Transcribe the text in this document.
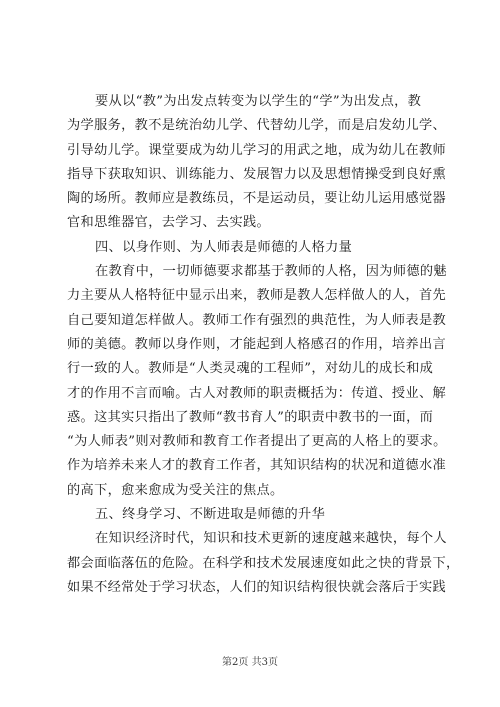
要从以“教”为出发点转变为以学生的“学”为出发点，教
为学服务，教不是统治幼儿学、代替幼儿学，而是启发幼儿学、
引导幼儿学。课堂要成为幼儿学习的用武之地，成为幼儿在教师
指导下获取知识、训练能力、发展智力以及思想情操受到良好熏
陶的场所。教师应是教练员，不是运动员，要让幼儿运用感觉器
官和思维器官，去学习、去实践。
四、以身作则、为人师表是师德的人格力量
在教育中，一切师德要求都基于教师的人格，因为师德的魅
力主要从人格特征中显示出来，教师是教人怎样做人的人，首先
自己要知道怎样做人。教师工作有强烈的典范性，为人师表是教
师的美德。教师以身作则，才能起到人格感召的作用，培养出言
行一致的人。教师是“人类灵魂的工程师”，对幼儿的成长和成
才的作用不言而喻。古人对教师的职责概括为：传道、授业、解
惑。这其实只指出了教师“教书育人”的职责中教书的一面，而
“为人师表”则对教师和教育工作者提出了更高的人格上的要求。
作为培养未来人才的教育工作者，其知识结构的状况和道德水准
的高下，愈来愈成为受关注的焦点。
五、终身学习、不断进取是师德的升华
在知识经济时代，知识和技术更新的速度越来越快，每个人
都会面临落伍的危险。在科学和技术发展速度如此之快的背景下，
如果不经常处于学习状态，人们的知识结构很快就会落后于实践
第2页 共3页
